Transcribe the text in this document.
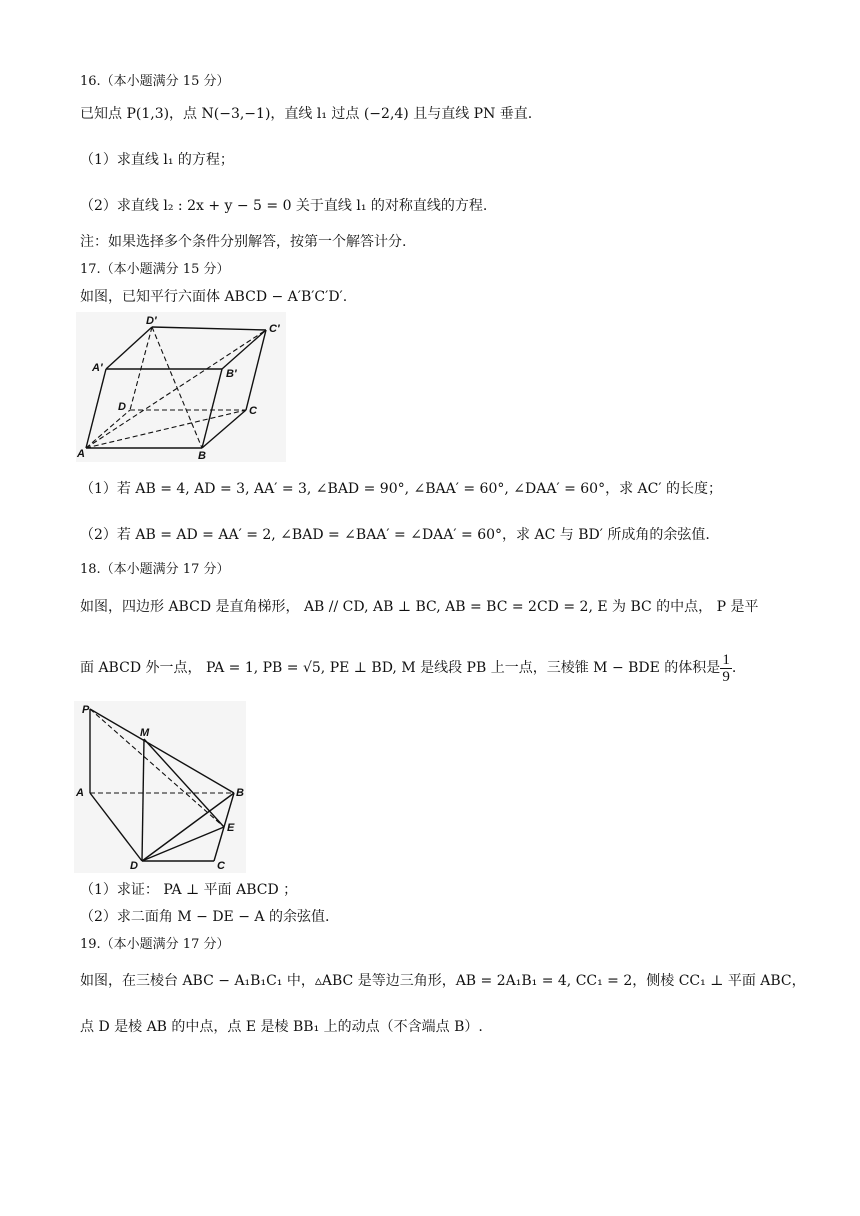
16.（本小题满分 15 分）
已知点 P(1,3)，点 N(−3,−1)，直线 l₁ 过点 (−2,4) 且与直线 PN 垂直.
（1）求直线 l₁ 的方程；
（2）求直线 l₂ : 2x + y − 5 = 0 关于直线 l₁ 的对称直线的方程.
注：如果选择多个条件分别解答，按第一个解答计分.
17.（本小题满分 15 分）
如图，已知平行六面体 ABCD − A′B′C′D′.
D′
C′
A′	B′
D	C
A	B
（1）若 AB = 4, AD = 3, AA′ = 3, ∠BAD = 90°, ∠BAA′ = 60°, ∠DAA′ = 60°，求 AC′ 的长度；
（2）若 AB = AD = AA′ = 2, ∠BAD = ∠BAA′ = ∠DAA′ = 60°，求 AC 与 BD′ 所成角的余弦值.
18.（本小题满分 17 分）
如图，四边形 ABCD 是直角梯形， AB // CD, AB ⊥ BC, AB = BC = 2CD = 2, E 为 BC 的中点， P 是平
面 ABCD 外一点， PA = 1, PB = √5, PE ⊥ BD, M 是线段 PB 上一点，三棱锥 M − BDE 的体积是 $\frac{1}{9}$ .
P
M
A	B
E
D	C
（1）求证： PA ⊥ 平面 ABCD ；
（2）求二面角 M − DE − A 的余弦值.
19.（本小题满分 17 分）
如图，在三棱台 ABC − A₁B₁C₁ 中，▵ABC 是等边三角形，AB = 2A₁B₁ = 4, CC₁ = 2，侧棱 CC₁ ⊥ 平面 ABC，
点 D 是棱 AB 的中点，点 E 是棱 BB₁ 上的动点（不含端点 B）.
